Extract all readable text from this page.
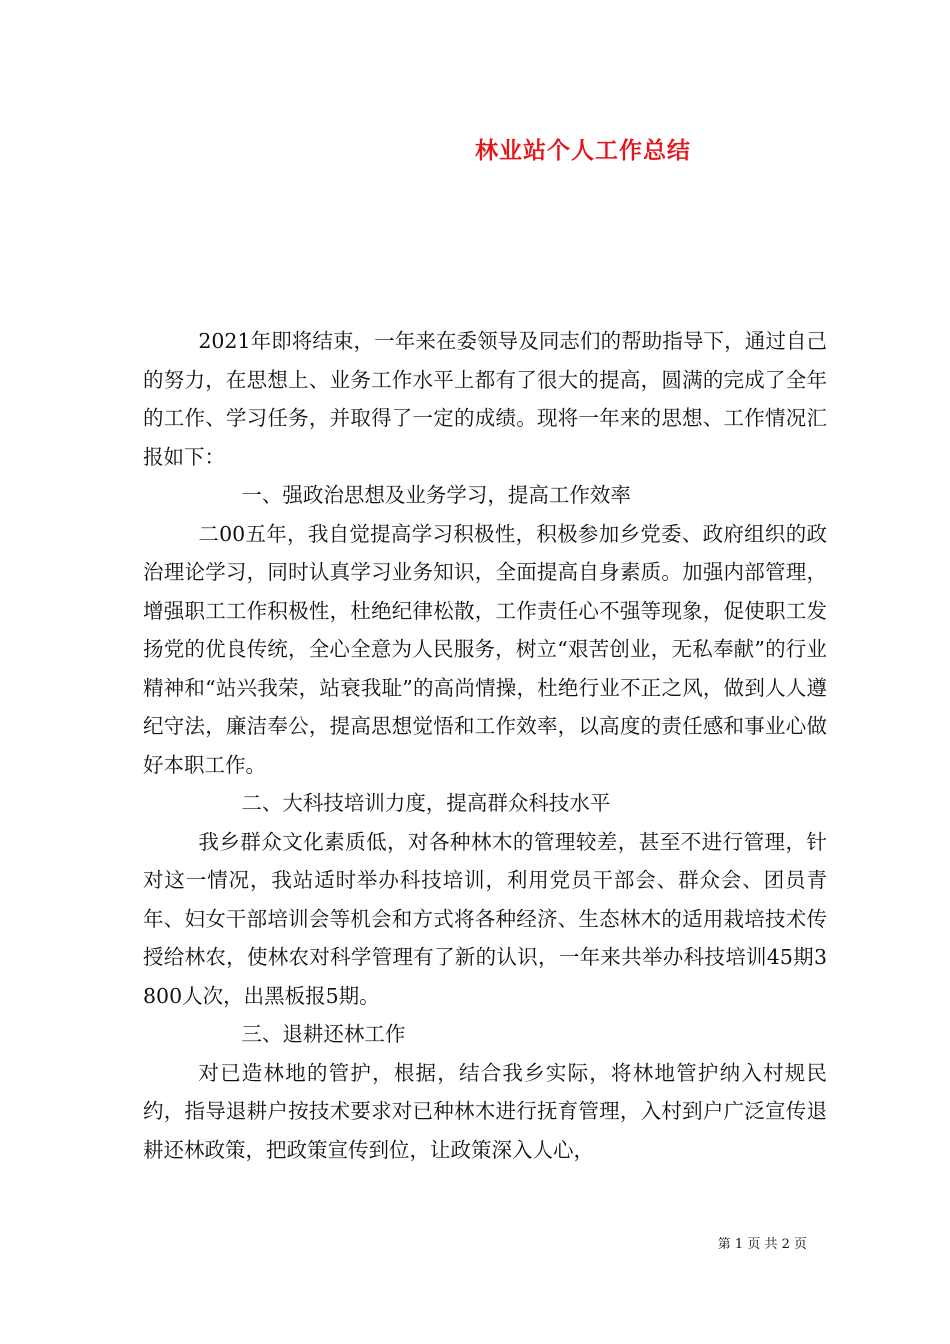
林业站个人工作总结

2021年即将结束，一年来在委领导及同志们的帮助指导下，通过自己的努力，在思想上、业务工作水平上都有了很大的提高，圆满的完成了全年的工作、学习任务，并取得了一定的成绩。现将一年来的思想、工作情况汇报如下：

一、强政治思想及业务学习，提高工作效率

二00五年，我自觉提高学习积极性，积极参加乡党委、政府组织的政治理论学习，同时认真学习业务知识，全面提高自身素质。加强内部管理，增强职工工作积极性，杜绝纪律松散，工作责任心不强等现象，促使职工发扬党的优良传统，全心全意为人民服务，树立“艰苦创业，无私奉献”的行业精神和“站兴我荣，站衰我耻”的高尚情操，杜绝行业不正之风，做到人人遵纪守法，廉洁奉公，提高思想觉悟和工作效率，以高度的责任感和事业心做好本职工作。

二、大科技培训力度，提高群众科技水平

我乡群众文化素质低，对各种林木的管理较差，甚至不进行管理，针对这一情况，我站适时举办科技培训，利用党员干部会、群众会、团员青年、妇女干部培训会等机会和方式将各种经济、生态林木的适用栽培技术传授给林农，使林农对科学管理有了新的认识，一年来共举办科技培训45期3800人次，出黑板报5期。

三、退耕还林工作

对已造林地的管护，根据，结合我乡实际，将林地管护纳入村规民约，指导退耕户按技术要求对已种林木进行抚育管理，入村到户广泛宣传退耕还林政策，把政策宣传到位，让政策深入人心，

第 1 页 共 2 页
